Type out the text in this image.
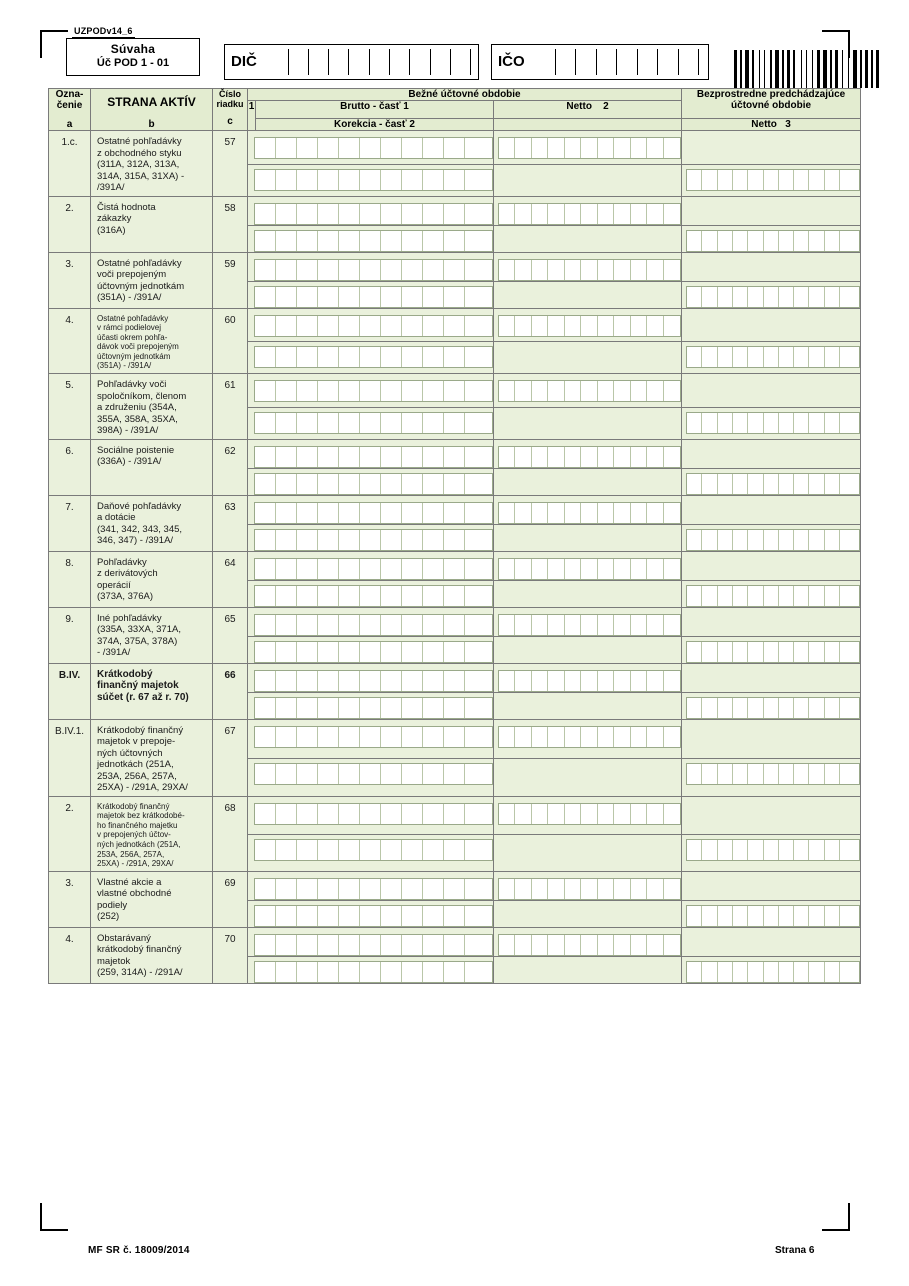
UZPODv14_6
Súvaha
Úč POD 1 - 01	DIČ	IČO
Ozna-
čenie
a

STRANA AKTÍV
b

Číslo
riadku
c
	Bežné účtovné obdobie	Bezprostredne predchádzajúce
účtovné obdobie

			1	Brutto - časť 1	Netto 2	
				Korekcia - časť 2		Netto 3
1.c.	Ostatné pohľadávky
z obchodného styku
(311A, 312A, 313A,
314A, 315A, 31XA) -
/391A/	57		

2.	Čistá hodnota
zákazky
(316A)	58		

3.	Ostatné pohľadávky
voči prepojeným
účtovným jednotkám
(351A) - /391A/	59		

4.	Ostatné pohľadávky
v rámci podielovej
účasti okrem pohľa-
dávok voči prepojeným
účtovným jednotkám
(351A) - /391A/
	60	

5.	Pohľadávky voči
spoločníkom, členom
a združeniu (354A,
355A, 358A, 35XA,
398A) - /391A/	61		

6.	Sociálne poistenie
(336A) - /391A/	62		

7.	Daňové pohľadávky
a dotácie
(341, 342, 343, 345,
346, 347) - /391A/	63		

8.	Pohľadávky
z derivátových
operácií
(373A, 376A)	64		

9.	Iné pohľadávky
(335A, 33XA, 371A,
374A, 375A, 378A)
- /391A/	65		

B.IV.	Krátkodobý
finančný majetok
súčet (r. 67 až r. 70)	66		

B.IV.1.	Krátkodobý finančný
majetok v prepoje-
ných účtovných
jednotkách (251A,
253A, 256A, 257A,
25XA) - /291A, 29XA/
	67	

2.	Krátkodobý finančný
majetok bez krátkodobé-
ho finančného majetku
v prepojených účtov-
ných jednotkách (251A,
253A, 256A, 257A,
25XA) - /291A, 29XA/
	68	

3.	Vlastné akcie a
vlastné obchodné
podiely
(252)	69		

4.	Obstarávaný
krátkodobý finančný
majetok
(259, 314A) - /291A/	70		

MF SR č. 18009/2014	Strana 6
